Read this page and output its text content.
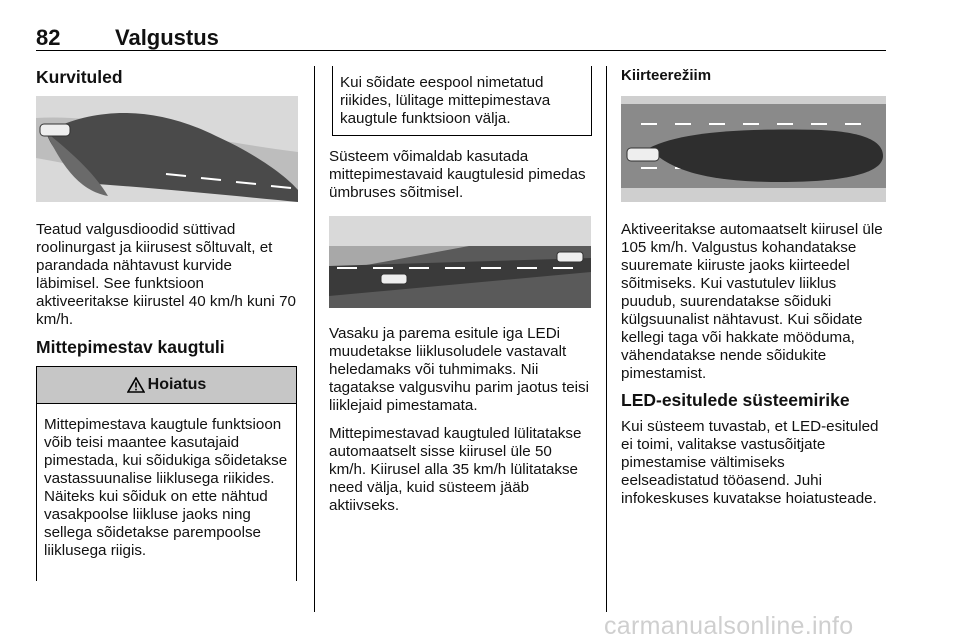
82 Valgustus
Kurvituled
Teatud valgusdioodid süttivad roolinurgast ja kiirusest sõltuvalt, et parandada nähtavust kurvide läbimisel. See funktsioon aktiveeritakse kiirustel 40 km/h kuni 70 km/h.
Mittepimestav kaugtuli
Hoiatus
Mittepimestava kaugtule funktsioon võib teisi maantee kasutajaid pimestada, kui sõidukiga sõidetakse vastassuunalise liiklusega riikides. Näiteks kui sõiduk on ette nähtud vasakpoolse liikluse jaoks ning sellega sõidetakse parempoolse liiklusega riigis.
Kui sõidate eespool nimetatud riikides, lülitage mittepimestava kaugtule funktsioon välja.
Süsteem võimaldab kasutada mittepimestavaid kaugtulesid pimedas ümbruses sõitmisel.
Vasaku ja parema esitule iga LEDi muudetakse liiklusoludele vastavalt heledamaks või tuhmimaks. Nii tagatakse valgusvihu parim jaotus teisi liiklejaid pimestamata.
Mittepimestavad kaugtuled lülitatakse automaatselt sisse kiirusel üle 50 km/h. Kiirusel alla 35 km/h lülitatakse need välja, kuid süsteem jääb aktiivseks.
Kiirteerežiim
Aktiveeritakse automaatselt kiirusel üle 105 km/h. Valgustus kohandatakse suuremate kiiruste jaoks kiirteedel sõitmiseks. Kui vastutulev liiklus puudub, suurendatakse sõiduki külgsuunalist nähtavust. Kui sõidate kellegi taga või hakkate mööduma, vähendatakse nende sõidukite pimestamist.
LED-esitulede süsteemirike
Kui süsteem tuvastab, et LED-esituled ei toimi, valitakse vastusõitjate pimestamise vältimiseks eelseadistatud tööasend. Juhi infokeskuses kuvatakse hoiatusteade.
carmanualsonline.info
